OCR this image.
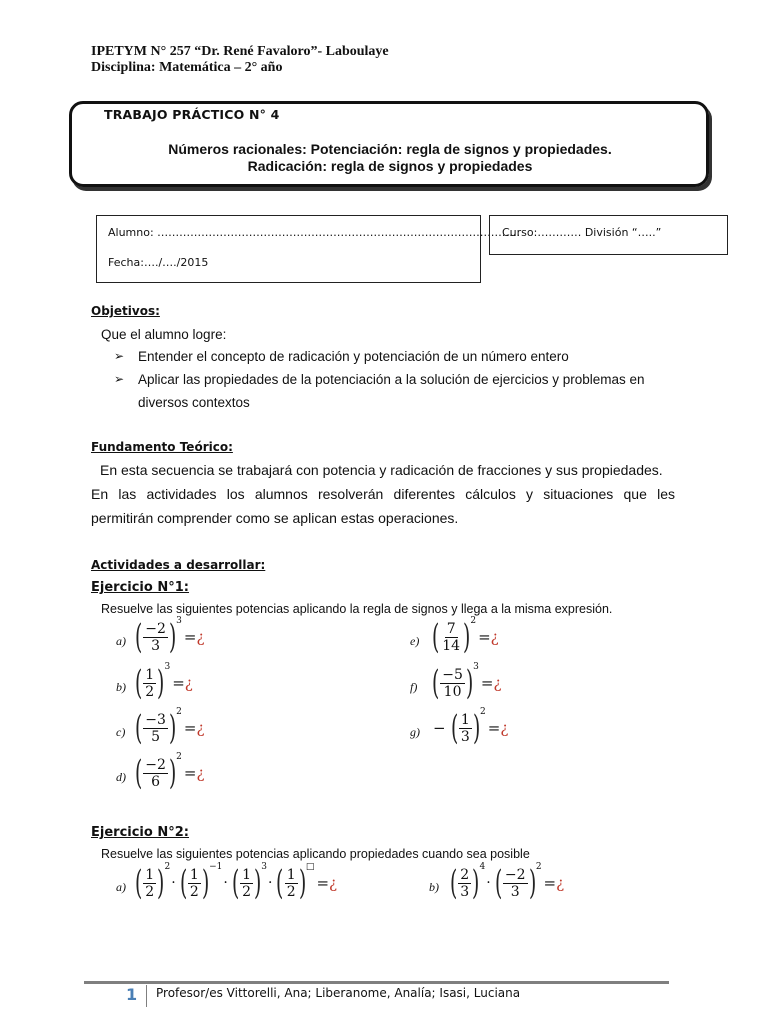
IPETYM N° 257 “Dr. René Favaloro”- Laboulaye
Disciplina: Matemática – 2° año
TRABAJO PRÁCTICO N° 4
Números racionales: Potenciación: regla de signos y propiedades.
Radicación: regla de signos y propiedades
Alumno: ………………………………………………………………………………………
Fecha:…./…./2015
Curso:………… División “…..”
Objetivos:
Que el alumno logre:
➢ Entender el concepto de radicación y potenciación de un número entero
➢ Aplicar las propiedades de la potenciación a la solución de ejercicios y problemas en
diversos contextos
Fundamento Teórico:
En esta secuencia se trabajará con potencia y radicación de fracciones y sus propiedades.
En las actividades los alumnos resolverán diferentes cálculos y situaciones que les
permitirán comprender como se aplican estas operaciones.
Actividades a desarrollar:
Ejercicio N°1:
Resuelve las siguientes potencias aplicando la regla de signos y llega a la misma expresión.
a) ( $\frac{-2}{3}$ ) 3
= ¿
b) ( $\frac{1}{2}$ ) 3
= ¿
c) ( $\frac{-3}{5}$ ) 2
= ¿
d) ( $\frac{-2}{6}$ ) 2
= ¿
e) ( $\frac{7}{14}$ ) 2
= ¿
f) ( $\frac{-5}{10}$ ) 3
= ¿
g) − ( $\frac{1}{3}$ ) 2
= ¿
Ejercicio N°2:
Resuelve las siguientes potencias aplicando propiedades cuando sea posible
a) ( $\frac{1}{2}$ ) 2
· ( $\frac{1}{2}$ ) −1
· ( $\frac{1}{2}$ ) 3
· ( $\frac{1}{2}$ ) □
= ¿	b) ( $\frac{2}{3}$ ) 4
· ( $\frac{-2}{3}$ ) 2
= ¿
1 Profesor/es Vittorelli, Ana; Liberanome, Analía; Isasi, Luciana
